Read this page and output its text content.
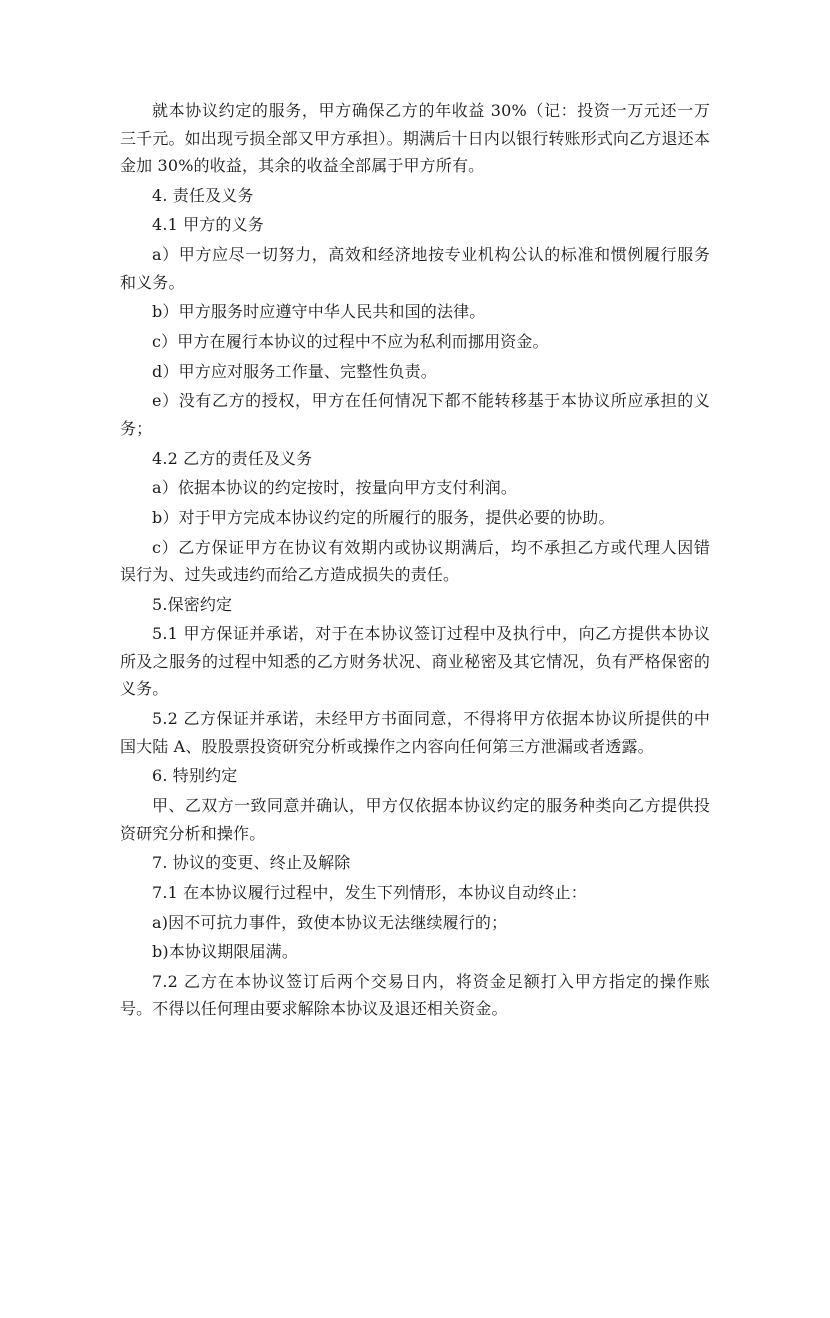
就本协议约定的服务，甲方确保乙方的年收益 30%（记：投资一万元还一万三千元。如出现亏损全部又甲方承担）。期满后十日内以银行转账形式向乙方退还本金加 30%的收益，其余的收益全部属于甲方所有。

4. 责任及义务

4.1 甲方的义务

a）甲方应尽一切努力，高效和经济地按专业机构公认的标准和惯例履行服务和义务。

b）甲方服务时应遵守中华人民共和国的法律。

c）甲方在履行本协议的过程中不应为私利而挪用资金。

d）甲方应对服务工作量、完整性负责。

e）没有乙方的授权，甲方在任何情况下都不能转移基于本协议所应承担的义务；

4.2 乙方的责任及义务

a）依据本协议的约定按时，按量向甲方支付利润。

b）对于甲方完成本协议约定的所履行的服务，提供必要的协助。

c）乙方保证甲方在协议有效期内或协议期满后，均不承担乙方或代理人因错误行为、过失或违约而给乙方造成损失的责任。

5.保密约定

5.1 甲方保证并承诺，对于在本协议签订过程中及执行中，向乙方提供本协议所及之服务的过程中知悉的乙方财务状况、商业秘密及其它情况，负有严格保密的义务。

5.2 乙方保证并承诺，未经甲方书面同意，不得将甲方依据本协议所提供的中国大陆 A、股股票投资研究分析或操作之内容向任何第三方泄漏或者透露。

6. 特别约定

甲、乙双方一致同意并确认，甲方仅依据本协议约定的服务种类向乙方提供投资研究分析和操作。

7. 协议的变更、终止及解除

7.1 在本协议履行过程中，发生下列情形，本协议自动终止：

a)因不可抗力事件，致使本协议无法继续履行的；

b)本协议期限届满。

7.2 乙方在本协议签订后两个交易日内，将资金足额打入甲方指定的操作账号。不得以任何理由要求解除本协议及退还相关资金。
